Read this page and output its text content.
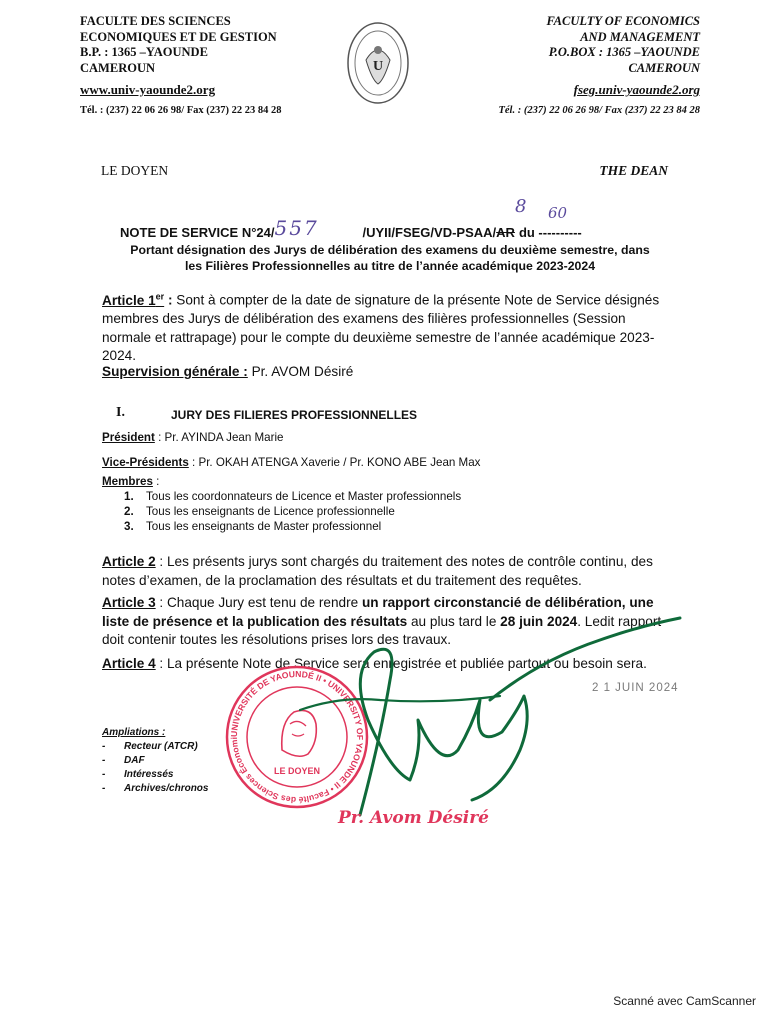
FACULTE DES SCIENCES
ECONOMIQUES ET DE GESTION
B.P. : 1365 –YAOUNDE
CAMEROUN
www.univ-yaounde2.org
Tél. : (237) 22 06 26 98/ Fax (237) 22 23 84 28
U
FACULTY OF ECONOMICS
AND MANAGEMENT
P.O.BOX : 1365 –YAOUNDE
CAMEROUN
fseg.univ-yaounde2.org
Tél. : (237) 22 06 26 98/ Fax (237) 22 23 84 28
LE DOYEN	THE DEAN
NOTE DE SERVICE N°24/557	/UYII/FSEG/VD-PSAA/AR du ----------
8 60
Portant désignation des Jurys de délibération des examens du deuxième semestre, dans
les Filières Professionnelles au titre de l’année académique 2023-2024
Article 1er : Sont à compter de la date de signature de la présente Note de Service désignés membres des Jurys de délibération des examens des filières professionnelles (Session normale et rattrapage) pour le compte du deuxième semestre de l’année académique 2023-2024.
Supervision générale : Pr. AVOM Désiré
I.	JURY DES FILIERES PROFESSIONNELLES
Président : Pr. AYINDA Jean Marie
Vice-Présidents : Pr. OKAH ATENGA Xaverie / Pr. KONO ABE Jean Max
Membres :
1. Tous les coordonnateurs de Licence et Master professionnels
2. Tous les enseignants de Licence professionnelle
3. Tous les enseignants de Master professionnel
Article 2 : Les présents jurys sont chargés du traitement des notes de contrôle continu, des notes d’examen, de la proclamation des résultats et du traitement des requêtes.
Article 3 : Chaque Jury est tenu de rendre un rapport circonstancié de délibération, une liste de présence et la publication des résultats au plus tard le 28 juin 2024. Ledit rapport doit contenir toutes les résolutions prises lors des travaux.
Article 4 : La présente Note de Service sera enregistrée et publiée partout ou besoin sera.
2 1 JUIN 2024
Ampliations :
- Recteur (ATCR)
- DAF
- Intéressés
- Archives/chronos
UNIVERSITÉ DE YAOUNDÉ II • UNIVERSITY OF YAOUNDE II • Faculté des Sciences Économi
LE DOYEN
Pr. Avom Désiré
Scanné avec CamScanner
